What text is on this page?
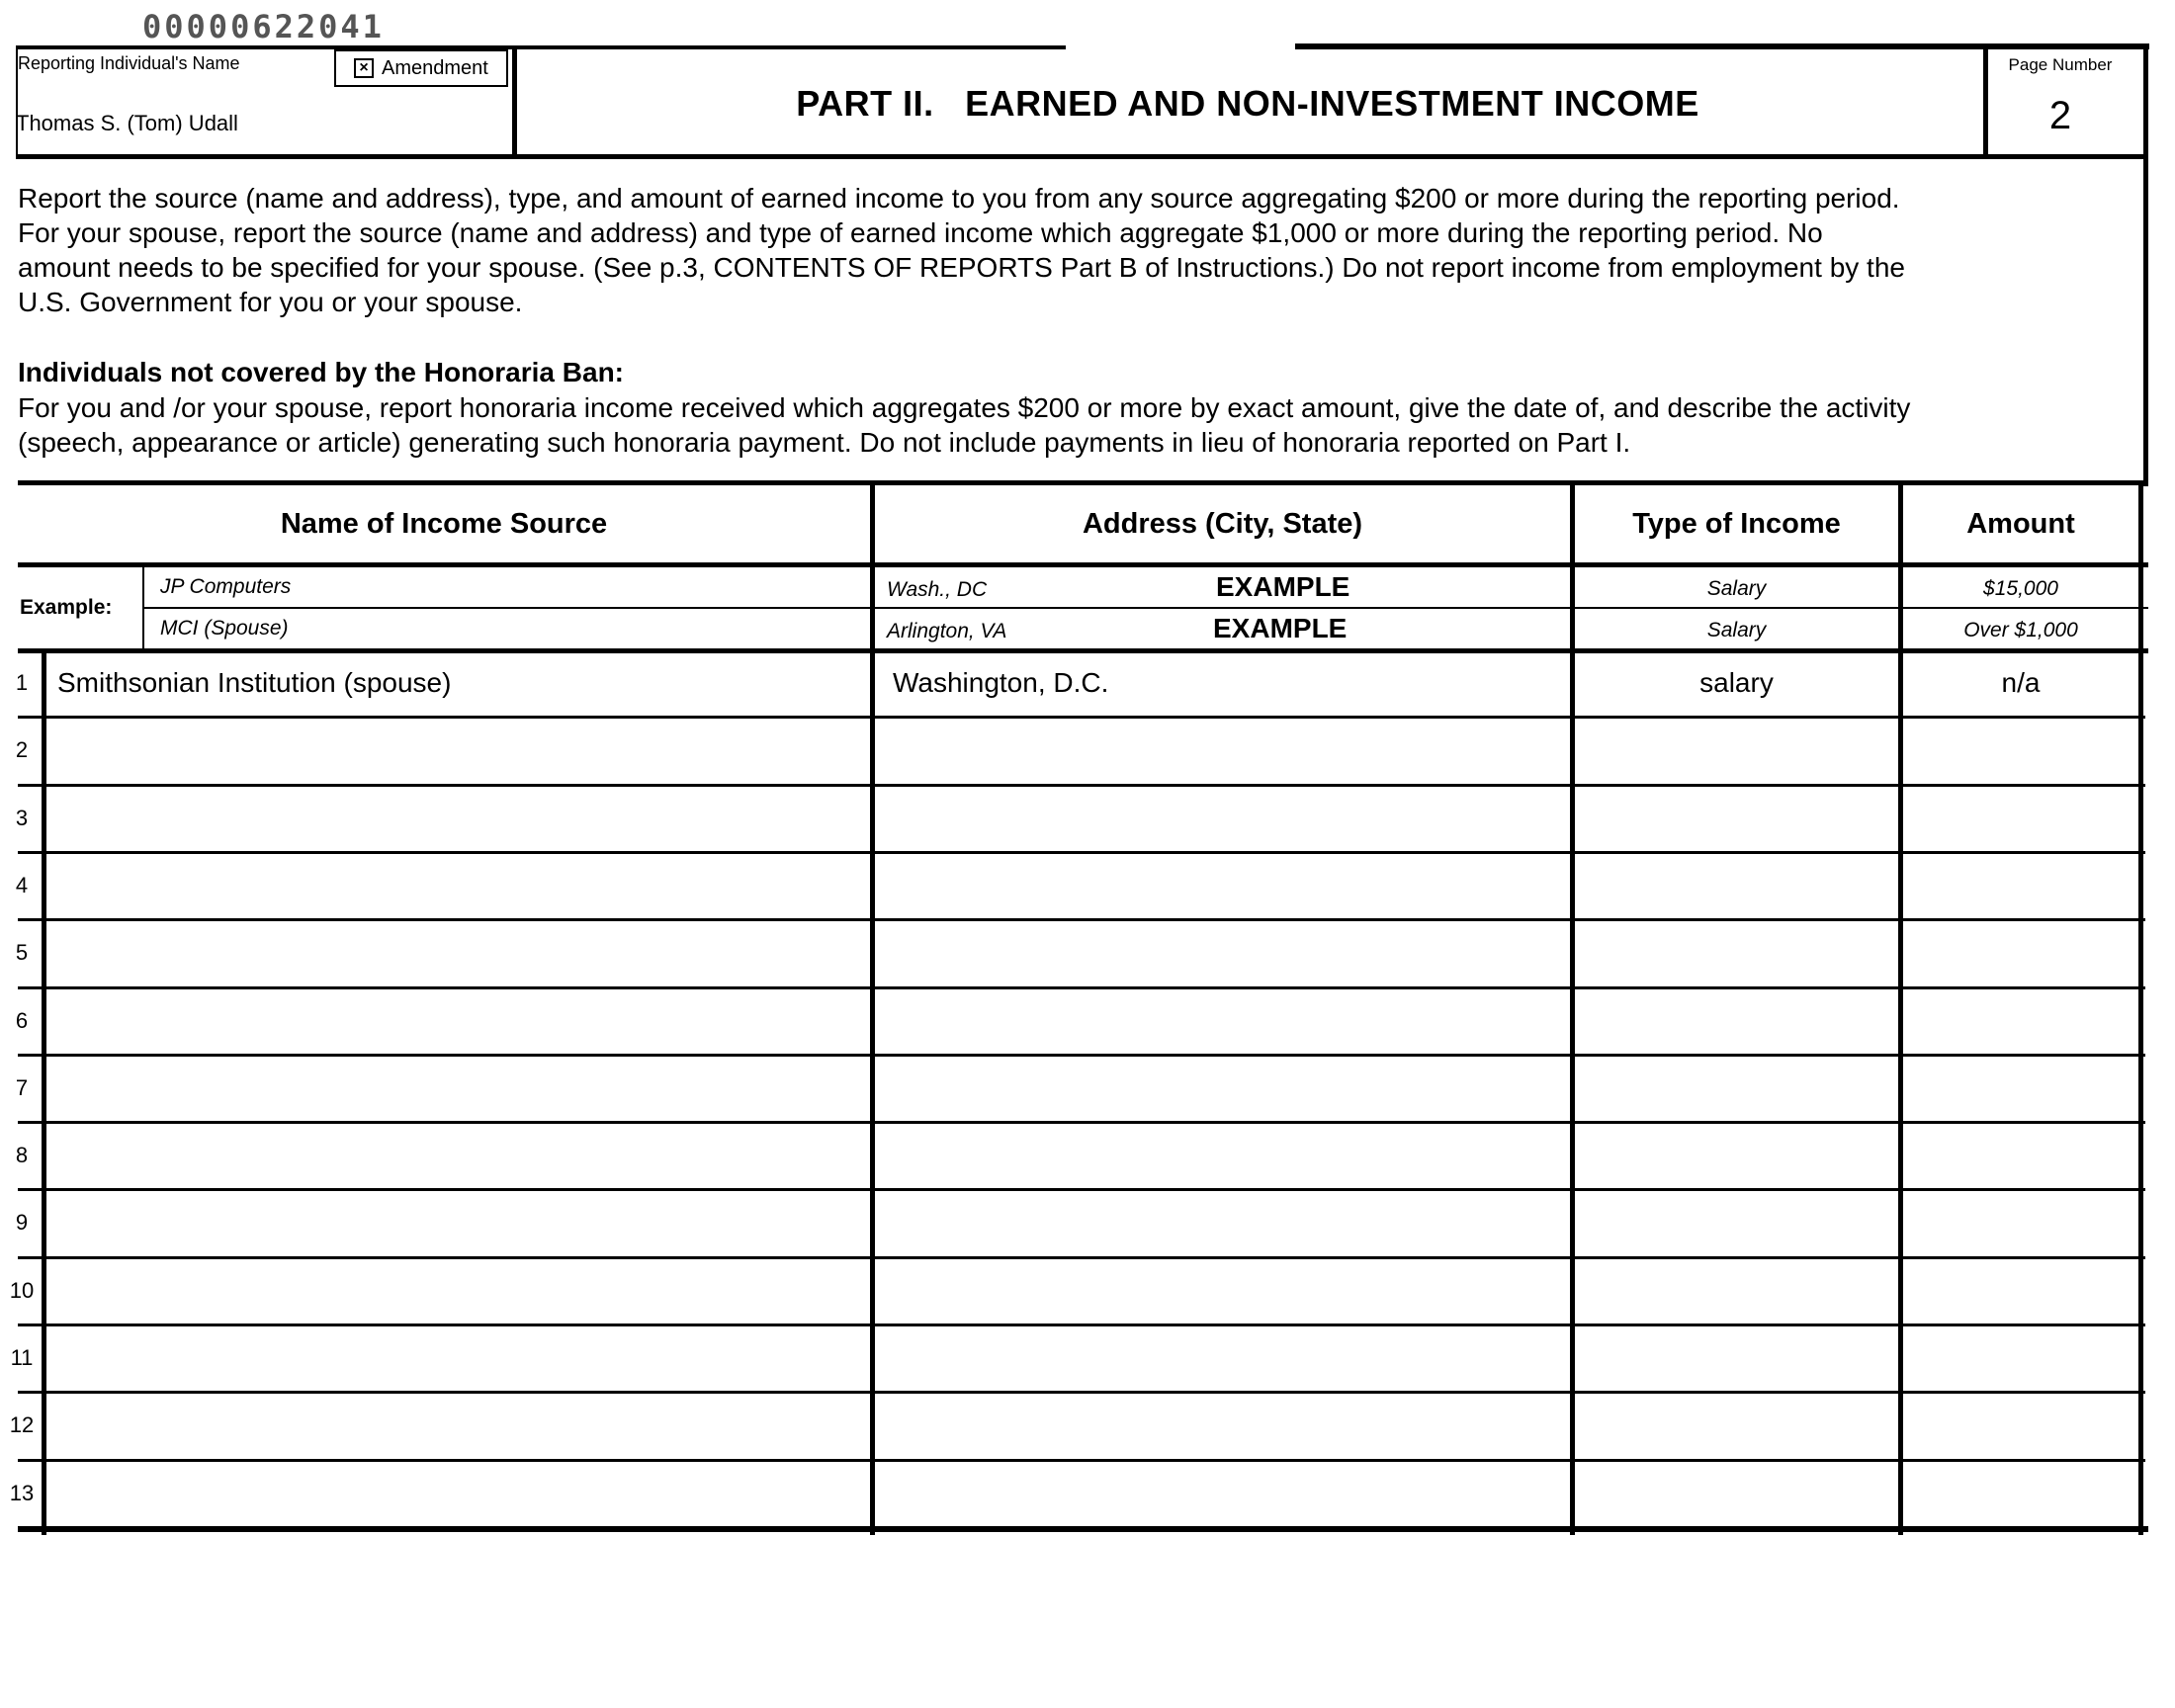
00000622041
Reporting Individual's Name
Thomas S. (Tom) Udall
× Amendment
PART II.   EARNED AND NON-INVESTMENT INCOME
Page Number
2
Report the source (name and address), type, and amount of earned income to you from any source aggregating $200 or more during the reporting period.
For your spouse, report the source (name and address) and type of earned income which aggregate $1,000 or more during the reporting period. No
amount needs to be specified for your spouse. (See p.3, CONTENTS OF REPORTS Part B of Instructions.) Do not report income from employment by the
U.S. Government for you or your spouse.
Individuals not covered by the Honoraria Ban:
For you and /or your spouse, report honoraria income received which aggregates $200 or more by exact amount, give the date of, and describe the activity
(speech, appearance or article) generating such honoraria payment. Do not include payments in lieu of honoraria reported on Part I.
Name of Income Source	Address (City, State)	Type of Income	Amount
Example:
JP Computers	Wash., DC	EXAMPLE	Salary	$15,000
MCI (Spouse)	Arlington, VA	EXAMPLE	Salary	Over $1,000
1	Smithsonian Institution (spouse)	Washington, D.C.	salary	n/a
2
3
4
5
6
7
8
9
10
11
12
13
